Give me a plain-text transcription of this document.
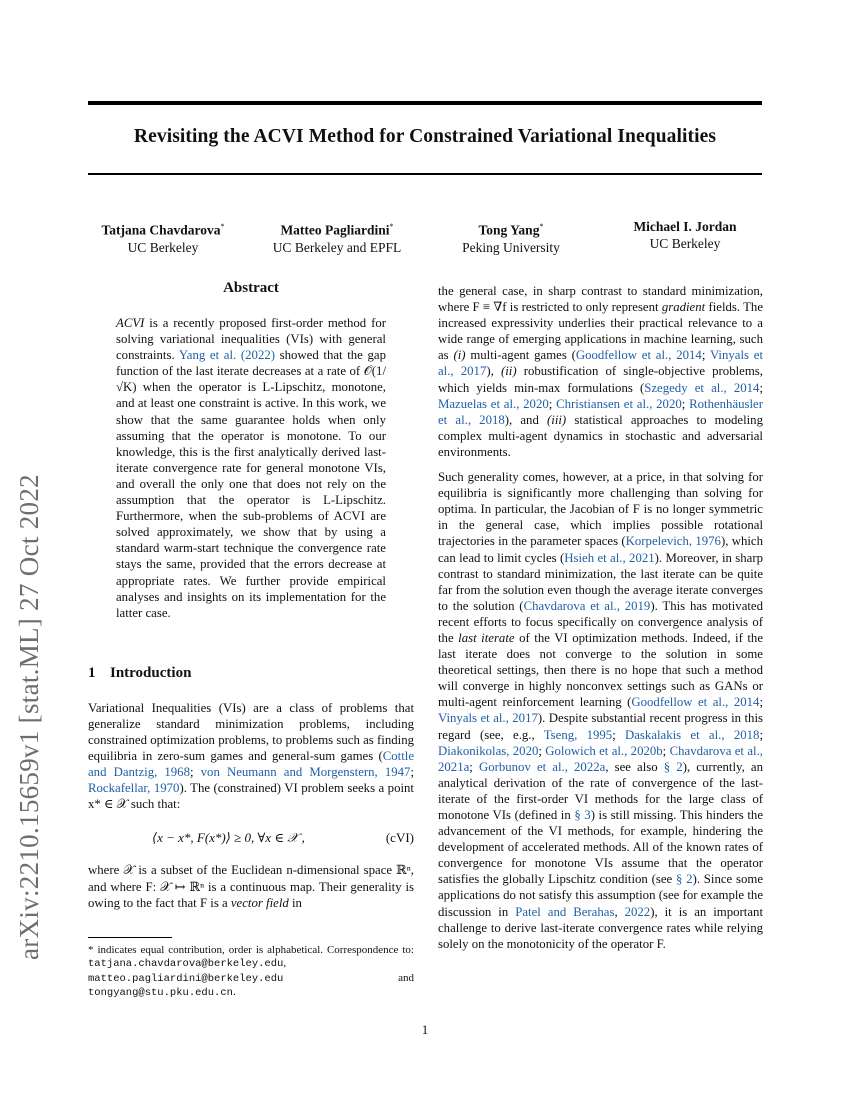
Revisiting the ACVI Method for Constrained Variational Inequalities
Tatjana Chavdarova*
UC Berkeley
Matteo Pagliardini*
UC Berkeley and EPFL
Tong Yang*
Peking University
Michael I. Jordan
UC Berkeley
arXiv:2210.15659v1 [stat.ML] 27 Oct 2022
Abstract
ACVI is a recently proposed first-order method for solving variational inequalities (VIs) with general constraints. Yang et al. (2022) showed that the gap function of the last iterate decreases at a rate of 𝒪(1/√K) when the operator is L-Lipschitz, monotone, and at least one constraint is active. In this work, we show that the same guarantee holds when only assuming that the operator is monotone. To our knowledge, this is the first analytically derived last-iterate convergence rate for general monotone VIs, and overall the only one that does not rely on the assumption that the operator is L-Lipschitz. Furthermore, when the sub-problems of ACVI are solved approximately, we show that by using a standard warm-start technique the convergence rate stays the same, provided that the errors decrease at appropriate rates. We further provide empirical analyses and insights on its implementation for the latter case.
1 Introduction

Variational Inequalities (VIs) are a class of problems that generalize standard minimization problems, including constrained optimization problems, to problems such as finding equilibria in zero-sum games and general-sum games (Cottle and Dantzig, 1968; von Neumann and Morgenstern, 1947; Rockafellar, 1970). The (constrained) VI problem seeks a point x* ∈ 𝒳 such that:

⟨x − x*, F(x*)⟩ ≥ 0, ∀x ∈ 𝒳 ,	(cVI)

where 𝒳 is a subset of the Euclidean n-dimensional space ℝⁿ, and where F: 𝒳 ↦ ℝⁿ is a continuous map. Their generality is owing to the fact that F is a vector field in

* indicates equal contribution, order is alphabetical. Correspondence to: tatjana.chavdarova@berkeley.edu, matteo.pagliardini@berkeley.edu and tongyang@stu.pku.edu.cn.

the general case, in sharp contrast to standard minimization, where F ≡ ∇f is restricted to only represent gradient fields. The increased expressivity underlies their practical relevance to a wide range of emerging applications in machine learning, such as (i) multi-agent games (Goodfellow et al., 2014; Vinyals et al., 2017), (ii) robustification of single-objective problems, which yields min-max formulations (Szegedy et al., 2014; Mazuelas et al., 2020; Christiansen et al., 2020; Rothenhäusler et al., 2018), and (iii) statistical approaches to modeling complex multi-agent dynamics in stochastic and adversarial environments.

Such generality comes, however, at a price, in that solving for equilibria is significantly more challenging than solving for optima. In particular, the Jacobian of F is no longer symmetric in the general case, which implies possible rotational trajectories in the parameter spaces (Korpelevich, 1976), which can lead to limit cycles (Hsieh et al., 2021). Moreover, in sharp contrast to standard minimization, the last iterate can be quite far from the solution even though the average iterate converges to the solution (Chavdarova et al., 2019). This has motivated recent efforts to focus specifically on convergence analysis of the last iterate of the VI optimization methods. Indeed, if the last iterate does not converge to the solution in some theoretical settings, then there is no hope that such a method will converge in highly nonconvex settings such as GANs or multi-agent reinforcement learning (Goodfellow et al., 2014; Vinyals et al., 2017). Despite substantial recent progress in this regard (see, e.g., Tseng, 1995; Daskalakis et al., 2018; Diakonikolas, 2020; Golowich et al., 2020b; Chavdarova et al., 2021a; Gorbunov et al., 2022a, see also § 2), currently, an analytical derivation of the rate of convergence of the last-iterate of the first-order VI methods for the large class of monotone VIs (defined in § 3) is still missing. This hinders the advancement of the VI methods, for example, hindering the development of accelerated methods. All of the known rates of convergence for monotone VIs assume that the operator satisfies the globally Lipschitz condition (see § 2). Since some applications do not satisfy this assumption (see for example the discussion in Patel and Berahas, 2022), it is an important challenge to derive last-iterate convergence rates while relying solely on the monotonicity of the operator F.

1
